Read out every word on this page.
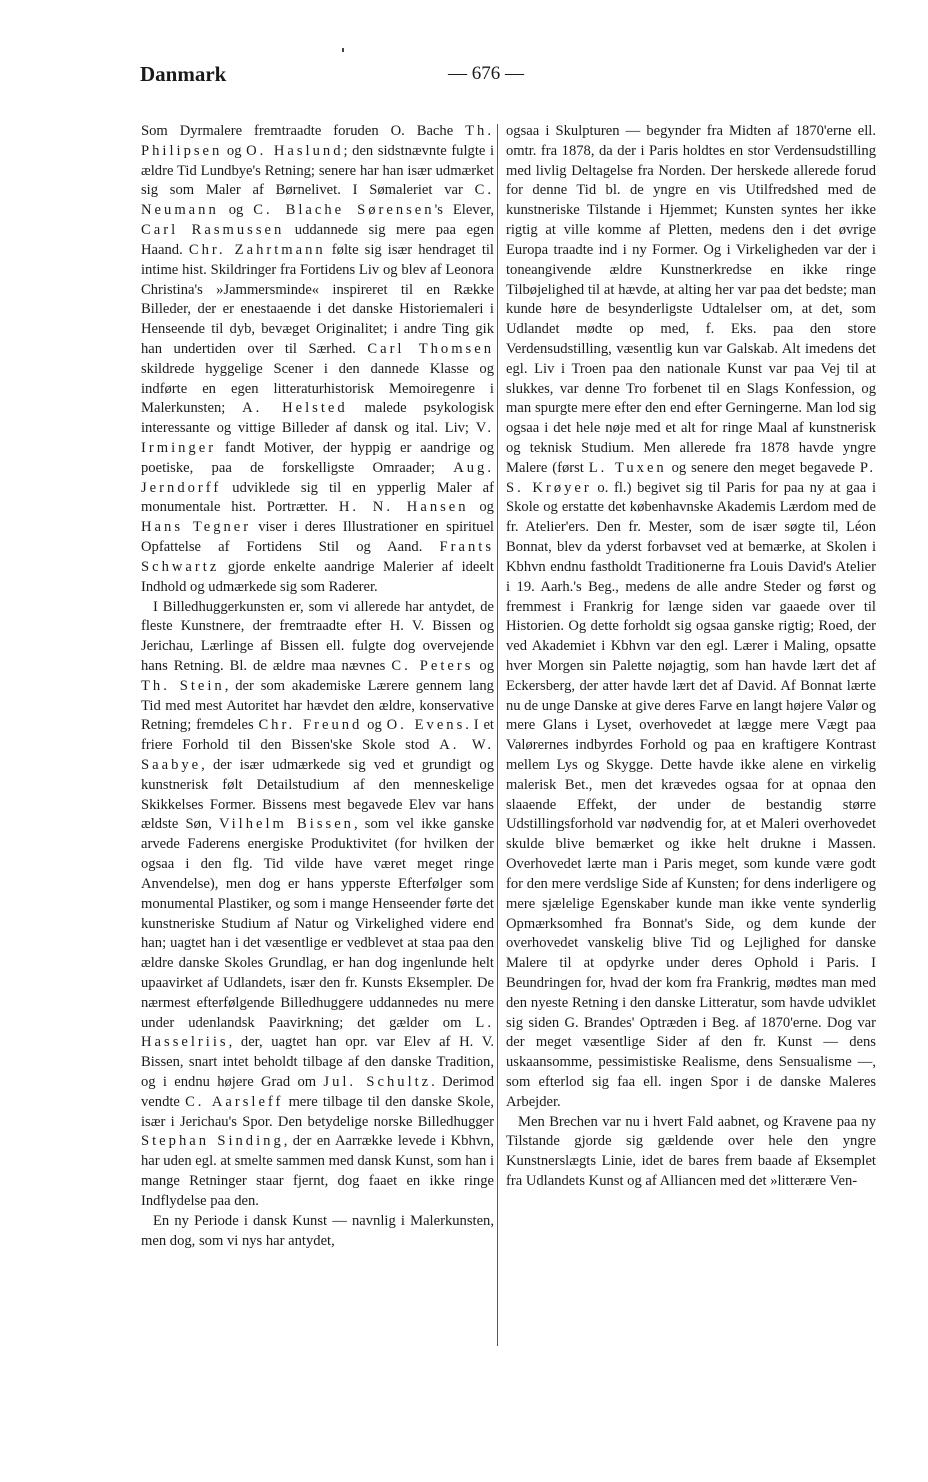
Danmark	— 676 —

Som Dyrmalere fremtraadte foruden O. Bache Th. Philipsen og O. Haslund; den sidstnævnte fulgte i ældre Tid Lundbye's Retning; senere har han især udmærket sig som Maler af Børnelivet. I Sømaleriet var C. Neumann og C. Blache Sørensen's Elever, Carl Rasmussen uddannede sig mere paa egen Haand. Chr. Zahrtmann følte sig især hendraget til intime hist. Skildringer fra Fortidens Liv og blev af Leonora Christina's »Jammersminde« inspireret til en Række Billeder, der er enestaaende i det danske Historiemaleri i Henseende til dyb, bevæget Originalitet; i andre Ting gik han undertiden over til Særhed. Carl Thomsen skildrede hyggelige Scener i den dannede Klasse og indførte en egen litteraturhistorisk Memoiregenre i Malerkunsten; A. Helsted malede psykologisk interessante og vittige Billeder af dansk og ital. Liv; V. Irminger fandt Motiver, der hyppig er aandrige og poetiske, paa de forskelligste Omraader; Aug. Jerndorff udviklede sig til en ypperlig Maler af monumentale hist. Portrætter. H. N. Hansen og Hans Tegner viser i deres Illustrationer en spirituel Opfattelse af Fortidens Stil og Aand. Frants Schwartz gjorde enkelte aandrige Malerier af ideelt Indhold og udmærkede sig som Raderer.

I Billedhuggerkunsten er, som vi allerede har antydet, de fleste Kunstnere, der fremtraadte efter H. V. Bissen og Jerichau, Lærlinge af Bissen ell. fulgte dog overvejende hans Retning. Bl. de ældre maa nævnes C. Peters og Th. Stein, der som akademiske Lærere gennem lang Tid med mest Autoritet har hævdet den ældre, konservative Retning; fremdeles Chr. Freund og O. Evens. I et friere Forhold til den Bissen'ske Skole stod A. W. Saabye, der især udmærkede sig ved et grundigt og kunstnerisk følt Detailstudium af den menneskelige Skikkelses Former. Bissens mest begavede Elev var hans ældste Søn, Vilhelm Bissen, som vel ikke ganske arvede Faderens energiske Produktivitet (for hvilken der ogsaa i den flg. Tid vilde have været meget ringe Anvendelse), men dog er hans ypperste Efterfølger som monumental Plastiker, og som i mange Henseender førte det kunstneriske Studium af Natur og Virkelighed videre end han; uagtet han i det væsentlige er vedblevet at staa paa den ældre danske Skoles Grundlag, er han dog ingenlunde helt upaavirket af Udlandets, især den fr. Kunsts Eksempler. De nærmest efterfølgende Billedhuggere uddannedes nu mere under udenlandsk Paavirkning; det gælder om L. Hasselriis, der, uagtet han opr. var Elev af H. V. Bissen, snart intet beholdt tilbage af den danske Tradition, og i endnu højere Grad om Jul. Schultz. Derimod vendte C. Aarsleff mere tilbage til den danske Skole, især i Jerichau's Spor. Den betydelige norske Billedhugger Stephan Sinding, der en Aarrække levede i Kbhvn, har uden egl. at smelte sammen med dansk Kunst, som han i mange Retninger staar fjernt, dog faaet en ikke ringe Indflydelse paa den.

En ny Periode i dansk Kunst — navnlig i Malerkunsten, men dog, som vi nys har antydet,

ogsaa i Skulpturen — begynder fra Midten af 1870'erne ell. omtr. fra 1878, da der i Paris holdtes en stor Verdensudstilling med livlig Deltagelse fra Norden. Der herskede allerede forud for denne Tid bl. de yngre en vis Utilfredshed med de kunstneriske Tilstande i Hjemmet; Kunsten syntes her ikke rigtig at ville komme af Pletten, medens den i det øvrige Europa traadte ind i ny Former. Og i Virkeligheden var der i toneangivende ældre Kunstnerkredse en ikke ringe Tilbøjelighed til at hævde, at alting her var paa det bedste; man kunde høre de besynderligste Udtalelser om, at det, som Udlandet mødte op med, f. Eks. paa den store Verdensudstilling, væsentlig kun var Galskab. Alt imedens det egl. Liv i Troen paa den nationale Kunst var paa Vej til at slukkes, var denne Tro forbenet til en Slags Konfession, og man spurgte mere efter den end efter Gerningerne. Man lod sig ogsaa i det hele nøje med et alt for ringe Maal af kunstnerisk og teknisk Studium. Men allerede fra 1878 havde yngre Malere (først L. Tuxen og senere den meget begavede P. S. Krøyer o. fl.) begivet sig til Paris for paa ny at gaa i Skole og erstatte det københavnske Akademis Lærdom med de fr. Atelier'ers. Den fr. Mester, som de især søgte til, Léon Bonnat, blev da yderst forbavset ved at bemærke, at Skolen i Kbhvn endnu fastholdt Traditionerne fra Louis David's Atelier i 19. Aarh.'s Beg., medens de alle andre Steder og først og fremmest i Frankrig for længe siden var gaaede over til Historien. Og dette forholdt sig ogsaa ganske rigtig; Roed, der ved Akademiet i Kbhvn var den egl. Lærer i Maling, opsatte hver Morgen sin Palette nøjagtig, som han havde lært det af Eckersberg, der atter havde lært det af David. Af Bonnat lærte nu de unge Danske at give deres Farve en langt højere Valør og mere Glans i Lyset, overhovedet at lægge mere Vægt paa Valørernes indbyrdes Forhold og paa en kraftigere Kontrast mellem Lys og Skygge. Dette havde ikke alene en virkelig malerisk Bet., men det krævedes ogsaa for at opnaa den slaaende Effekt, der under de bestandig større Udstillingsforhold var nødvendig for, at et Maleri overhovedet skulde blive bemærket og ikke helt drukne i Massen. Overhovedet lærte man i Paris meget, som kunde være godt for den mere verdslige Side af Kunsten; for dens inderligere og mere sjælelige Egenskaber kunde man ikke vente synderlig Opmærksomhed fra Bonnat's Side, og dem kunde der overhovedet vanskelig blive Tid og Lejlighed for danske Malere til at opdyrke under deres Ophold i Paris. I Beundringen for, hvad der kom fra Frankrig, mødtes man med den nyeste Retning i den danske Litteratur, som havde udviklet sig siden G. Brandes' Optræden i Beg. af 1870'erne. Dog var der meget væsentlige Sider af den fr. Kunst — dens uskaansomme, pessimistiske Realisme, dens Sensualisme —, som efterlod sig faa ell. ingen Spor i de danske Maleres Arbejder.

Men Brechen var nu i hvert Fald aabnet, og Kravene paa ny Tilstande gjorde sig gældende over hele den yngre Kunstnerslægts Linie, idet de bares frem baade af Eksemplet fra Udlandets Kunst og af Alliancen med det »litterære Ven-
